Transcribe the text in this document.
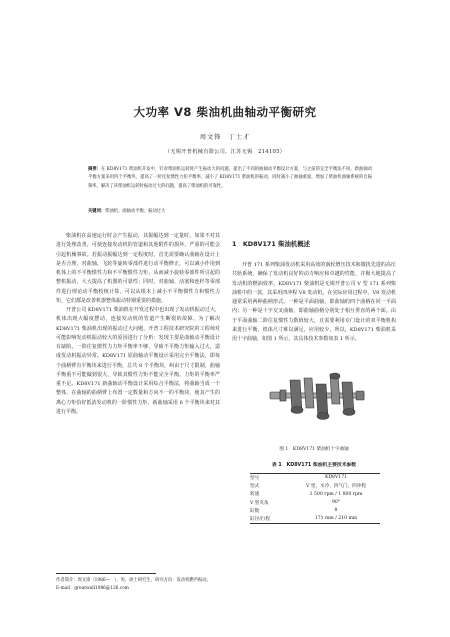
大功率 V8 柴油机曲轴动平衡研究
周文锋　丁士才
（无锡开普机械有限公司，江苏无锡　214105）
摘要：在 KD8V171 柴油机开发中，针对柴油机运转时产生振动大的问题，提出了不同的曲轴动平衡设计方案，与之前的完全平衡法不同，新曲轴动平衡方案采用四个平衡块，提高了一阶往复惯性力矩平衡率，减小了 KD8V171 柴油机的振动，同时减小了曲轴重量，增加了柴油机曲轴系统的自振频率，解决了该柴油机运转时振动过大的问题，提高了柴油机的可靠性。
关键词：柴油机；曲轴动平衡；振动过大

柴油机在高速运行时会产生振动，其振幅达到一定量时，如果不对其进行处理改善，可使连接发动机的管道和其他附件的损坏，严重的可能会引起机械事故。若振动振幅达到一定程度时，首先需要确认曲轴在设计上是否合理，对曲轴、飞轮等旋转零部件进行动平衡修正，可以减小作用到机体上的不平衡惯性力和不平衡惯性力矩，从而减小旋转零部件所引起的整机振动，大大提高了机器的可靠性；同时，对曲轴、活塞和连杆等零部件进行理论动平衡校核计算，可以从根本上减小不平衡惯性力和惯性力矩，它们都是改善机器整体振动特钢重要的措施。

开普公司 KD8V171 柴油机在开发过程中也出现了发动机振动过大，机体出现大幅度摆动，连接发动机的管道产生断裂的故障。为了解决 KD8V171 柴油机出现的振动过大问题，开普工程技术研究院的工程师对可能影响发动机振动较大的原因进行了分析：发现主要是曲轴动平衡设计有缺陷，一阶往复惯性力力矩平衡率不够，导致不平衡力矩输入过大，造成发动机振动异常。KD8V171 原曲轴动平衡设计采用完全平衡法，即每个曲柄臂有平衡块来进行平衡，总共 8 个平衡块，纠由于尺寸限制，曲轴平衡重不可能做到很大，导致其惯性力矩不能完全平衡，力矩的平衡率严重不足。KD8V171 新曲轴动平衡设计采用综合平衡法，将曲轴当成一个整体，在曲轴的曲柄臂上布置一定数量和方向不一的平衡块，使其产生的离心力矩恰好抵消发动机的一阶惯性力矩，新曲轴采用 6 个平衡块来对其进行平衡。

1　KD8V171 柴油机概述

开普 171 系列柴油发动机采用高效的涡轮增压技术和微扰先进的高压共轨系统，确保了发动机良好的动力响应和卓越的性能，并极大地提高了发动机的燃油效率。KD8V171 柴油机是无锡开普公司 V 型 171 系列柴油机中的一款，其采用四冲程 V8 发动机。在实际应用过程中，V8 发动机通常采用两种曲柄形式，一种是平面曲轴，即曲轴的四个曲柄在同一平面内；另一种是十字交叉曲轴，即曲轴曲柄分别处于相互垂直的两个面。由于平面曲轴二阶往复惯性力数值较大，且需要利用专门设计的双平衡机构来进行平衡，机体尺寸难以满足，应用较少，所以，KD8V171 柴油机采用十字曲轴，如图 1 所示，其具体技术参数如表 1 所示。

图 1　KD8V171 柴油机十字曲轴
表 1　KD8V171 柴油机主要技术参数
型号	KD8V171
型式	V 型、水冷、四气门、四冲程
转速	1 500 rpm / 1 800 rpm
V 型夹角	90°
缸数	8
缸径/行程	171 mm / 210 mm
作者简介：周文锋（1986—　），男，硕士研究生，研究方向：发动机燃声振动。
E-mail：greatwall1986@126.com
